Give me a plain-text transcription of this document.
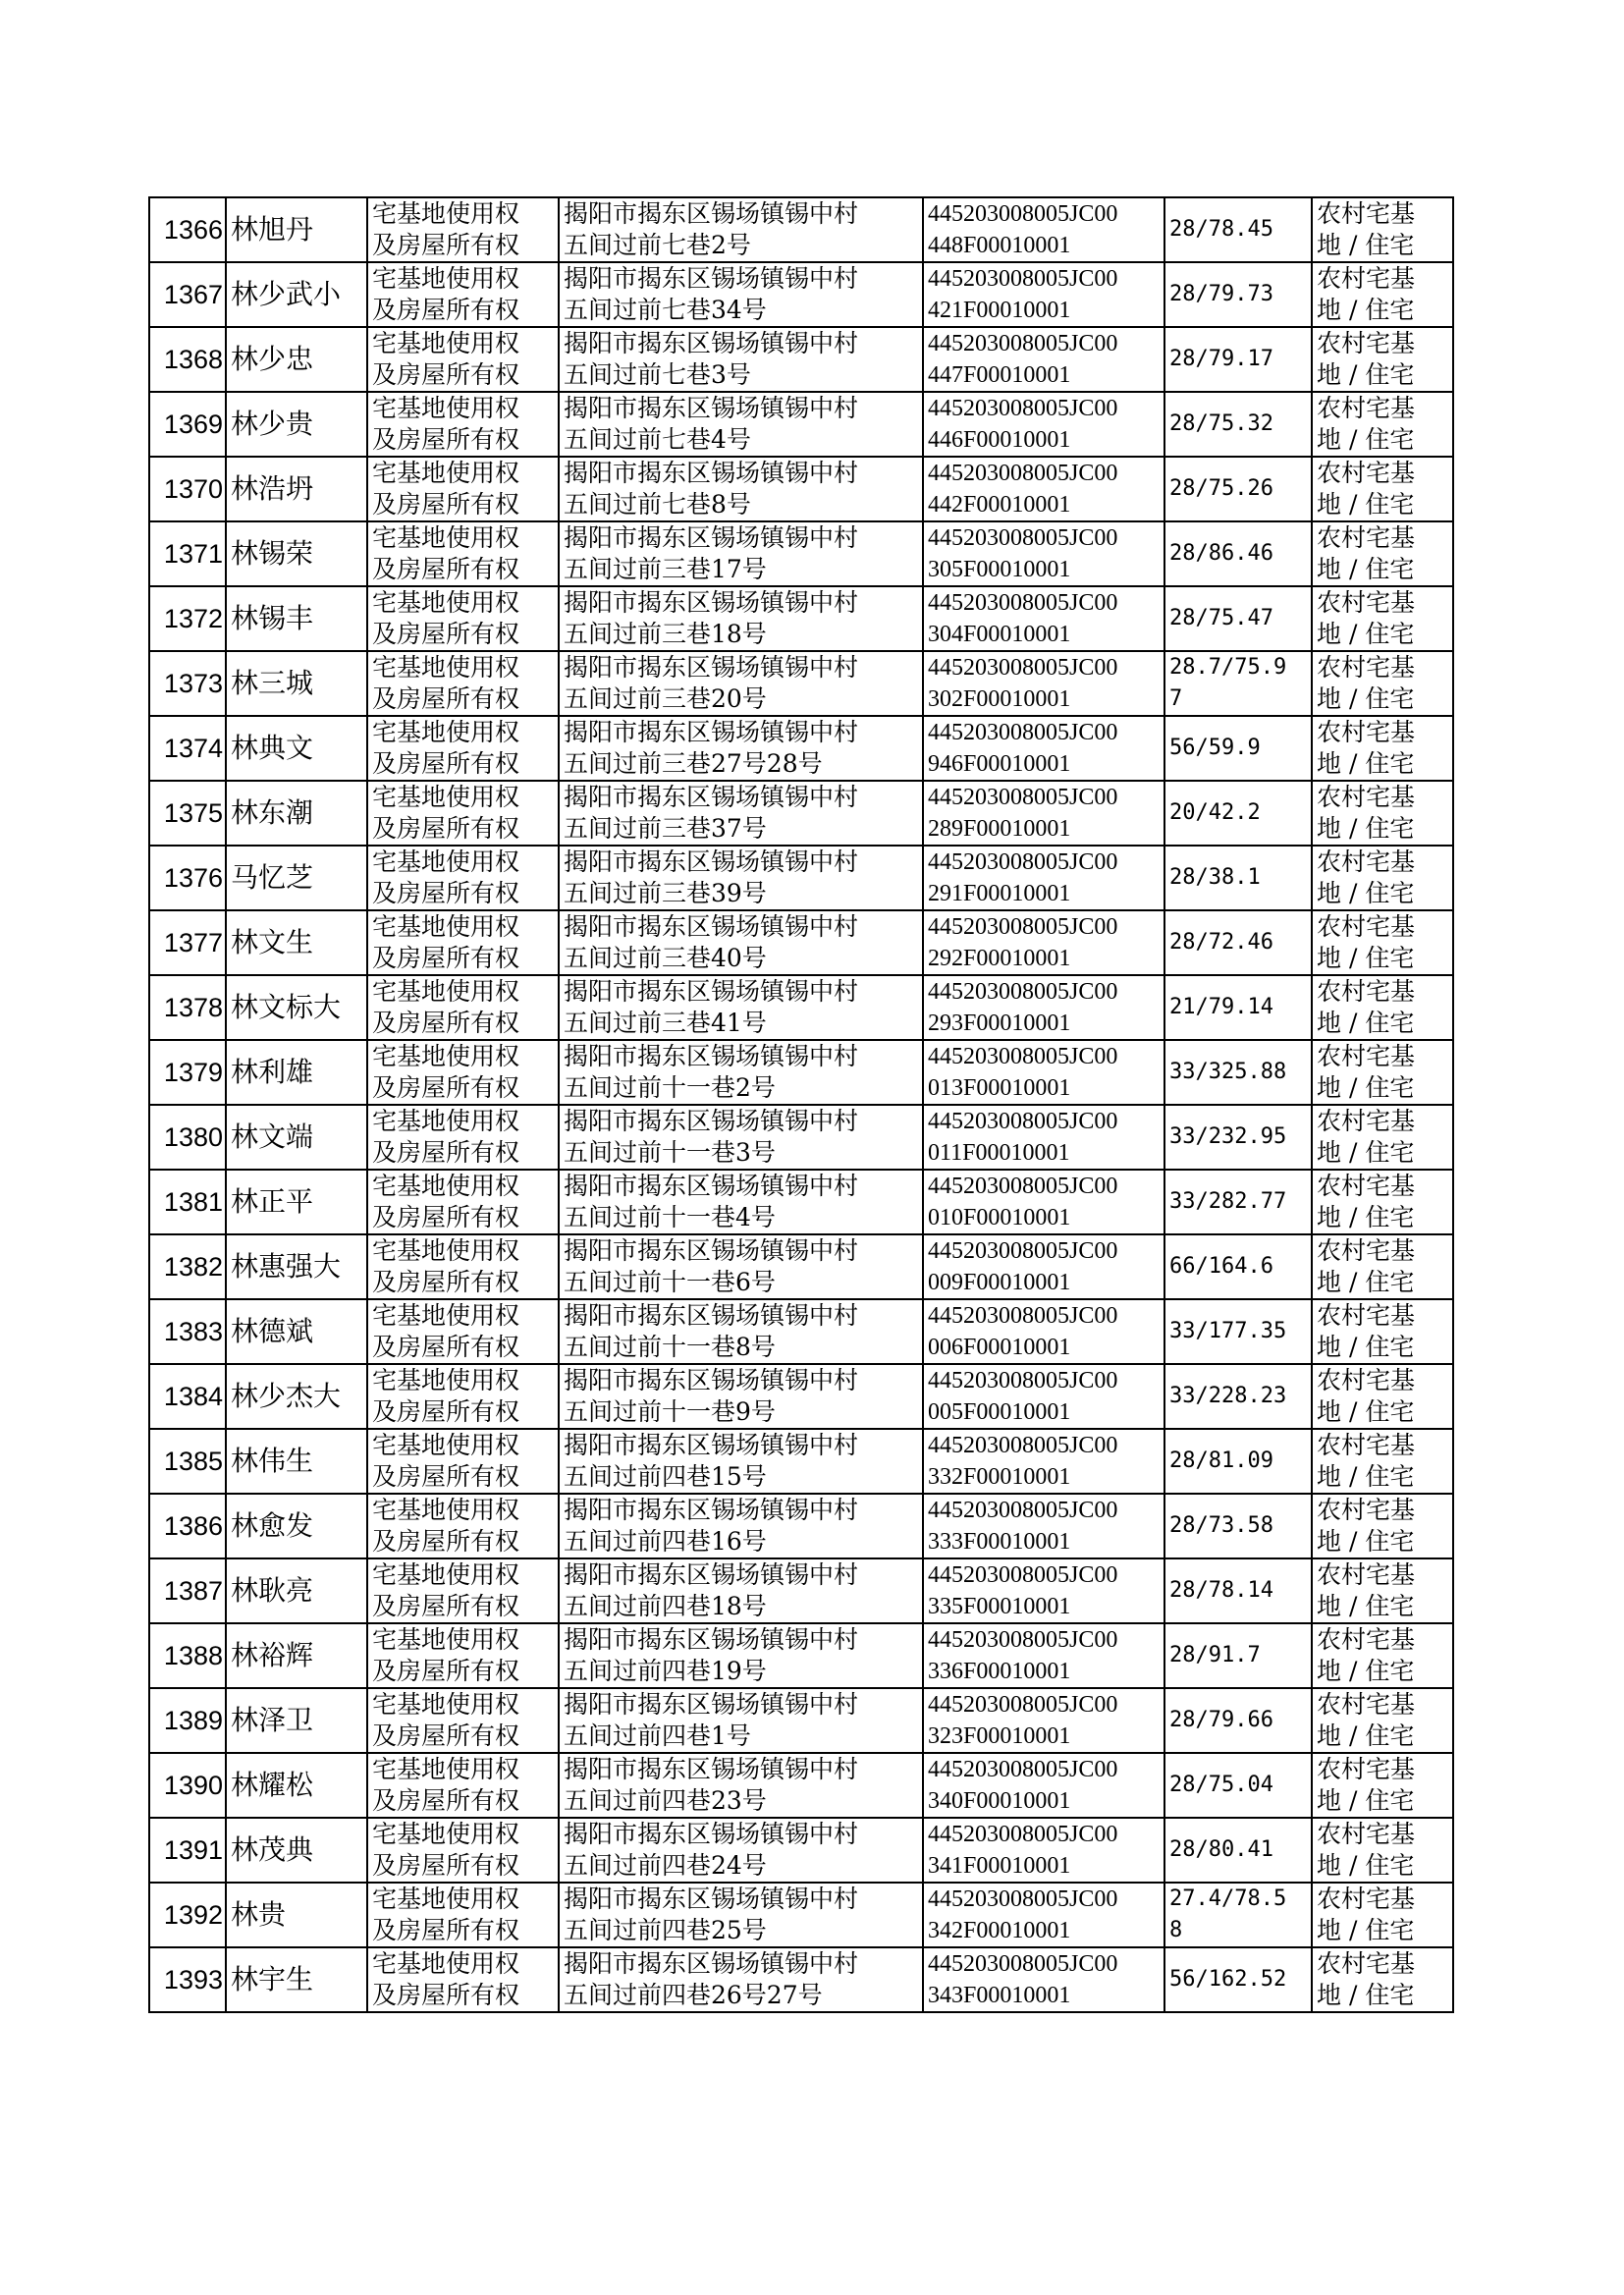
1366	林旭丹	宅基地使用权
及房屋所有权	揭阳市揭东区锡场镇锡中村
五间过前七巷2号	445203008005JC00
448F00010001	28/78.45	农村宅基
地 / 住宅

1367	林少武小	宅基地使用权
及房屋所有权	揭阳市揭东区锡场镇锡中村
五间过前七巷34号	445203008005JC00
421F00010001	28/79.73	农村宅基
地 / 住宅

1368	林少忠	宅基地使用权
及房屋所有权	揭阳市揭东区锡场镇锡中村
五间过前七巷3号	445203008005JC00
447F00010001	28/79.17	农村宅基
地 / 住宅

1369	林少贵	宅基地使用权
及房屋所有权	揭阳市揭东区锡场镇锡中村
五间过前七巷4号	445203008005JC00
446F00010001	28/75.32	农村宅基
地 / 住宅

1370	林浩坍	宅基地使用权
及房屋所有权	揭阳市揭东区锡场镇锡中村
五间过前七巷8号	445203008005JC00
442F00010001	28/75.26	农村宅基
地 / 住宅

1371	林锡荣	宅基地使用权
及房屋所有权	揭阳市揭东区锡场镇锡中村
五间过前三巷17号	445203008005JC00
305F00010001	28/86.46	农村宅基
地 / 住宅

1372	林锡丰	宅基地使用权
及房屋所有权	揭阳市揭东区锡场镇锡中村
五间过前三巷18号	445203008005JC00
304F00010001	28/75.47	农村宅基
地 / 住宅

1373	林三城	宅基地使用权
及房屋所有权	揭阳市揭东区锡场镇锡中村
五间过前三巷20号	445203008005JC00
302F00010001	28.7/75.9
7	农村宅基
地 / 住宅

1374	林典文	宅基地使用权
及房屋所有权	揭阳市揭东区锡场镇锡中村
五间过前三巷27号28号	445203008005JC00
946F00010001	56/59.9	农村宅基
地 / 住宅

1375	林东潮	宅基地使用权
及房屋所有权	揭阳市揭东区锡场镇锡中村
五间过前三巷37号	445203008005JC00
289F00010001	20/42.2	农村宅基
地 / 住宅

1376	马忆芝	宅基地使用权
及房屋所有权	揭阳市揭东区锡场镇锡中村
五间过前三巷39号	445203008005JC00
291F00010001	28/38.1	农村宅基
地 / 住宅

1377	林文生	宅基地使用权
及房屋所有权	揭阳市揭东区锡场镇锡中村
五间过前三巷40号	445203008005JC00
292F00010001	28/72.46	农村宅基
地 / 住宅

1378	林文标大	宅基地使用权
及房屋所有权	揭阳市揭东区锡场镇锡中村
五间过前三巷41号	445203008005JC00
293F00010001	21/79.14	农村宅基
地 / 住宅

1379	林利雄	宅基地使用权
及房屋所有权	揭阳市揭东区锡场镇锡中村
五间过前十一巷2号	445203008005JC00
013F00010001	33/325.88	农村宅基
地 / 住宅

1380	林文端	宅基地使用权
及房屋所有权	揭阳市揭东区锡场镇锡中村
五间过前十一巷3号	445203008005JC00
011F00010001	33/232.95	农村宅基
地 / 住宅

1381	林正平	宅基地使用权
及房屋所有权	揭阳市揭东区锡场镇锡中村
五间过前十一巷4号	445203008005JC00
010F00010001	33/282.77	农村宅基
地 / 住宅

1382	林惠强大	宅基地使用权
及房屋所有权	揭阳市揭东区锡场镇锡中村
五间过前十一巷6号	445203008005JC00
009F00010001	66/164.6	农村宅基
地 / 住宅

1383	林德斌	宅基地使用权
及房屋所有权	揭阳市揭东区锡场镇锡中村
五间过前十一巷8号	445203008005JC00
006F00010001	33/177.35	农村宅基
地 / 住宅

1384	林少杰大	宅基地使用权
及房屋所有权	揭阳市揭东区锡场镇锡中村
五间过前十一巷9号	445203008005JC00
005F00010001	33/228.23	农村宅基
地 / 住宅

1385	林伟生	宅基地使用权
及房屋所有权	揭阳市揭东区锡场镇锡中村
五间过前四巷15号	445203008005JC00
332F00010001	28/81.09	农村宅基
地 / 住宅

1386	林愈发	宅基地使用权
及房屋所有权	揭阳市揭东区锡场镇锡中村
五间过前四巷16号	445203008005JC00
333F00010001	28/73.58	农村宅基
地 / 住宅

1387	林耿亮	宅基地使用权
及房屋所有权	揭阳市揭东区锡场镇锡中村
五间过前四巷18号	445203008005JC00
335F00010001	28/78.14	农村宅基
地 / 住宅

1388	林裕辉	宅基地使用权
及房屋所有权	揭阳市揭东区锡场镇锡中村
五间过前四巷19号	445203008005JC00
336F00010001	28/91.7	农村宅基
地 / 住宅

1389	林泽卫	宅基地使用权
及房屋所有权	揭阳市揭东区锡场镇锡中村
五间过前四巷1号	445203008005JC00
323F00010001	28/79.66	农村宅基
地 / 住宅

1390	林耀松	宅基地使用权
及房屋所有权	揭阳市揭东区锡场镇锡中村
五间过前四巷23号	445203008005JC00
340F00010001	28/75.04	农村宅基
地 / 住宅

1391	林茂典	宅基地使用权
及房屋所有权	揭阳市揭东区锡场镇锡中村
五间过前四巷24号	445203008005JC00
341F00010001	28/80.41	农村宅基
地 / 住宅

1392	林贵	宅基地使用权
及房屋所有权	揭阳市揭东区锡场镇锡中村
五间过前四巷25号	445203008005JC00
342F00010001	27.4/78.5
8	农村宅基
地 / 住宅

1393	林宇生	宅基地使用权
及房屋所有权	揭阳市揭东区锡场镇锡中村
五间过前四巷26号27号	445203008005JC00
343F00010001	56/162.52	农村宅基
地 / 住宅
